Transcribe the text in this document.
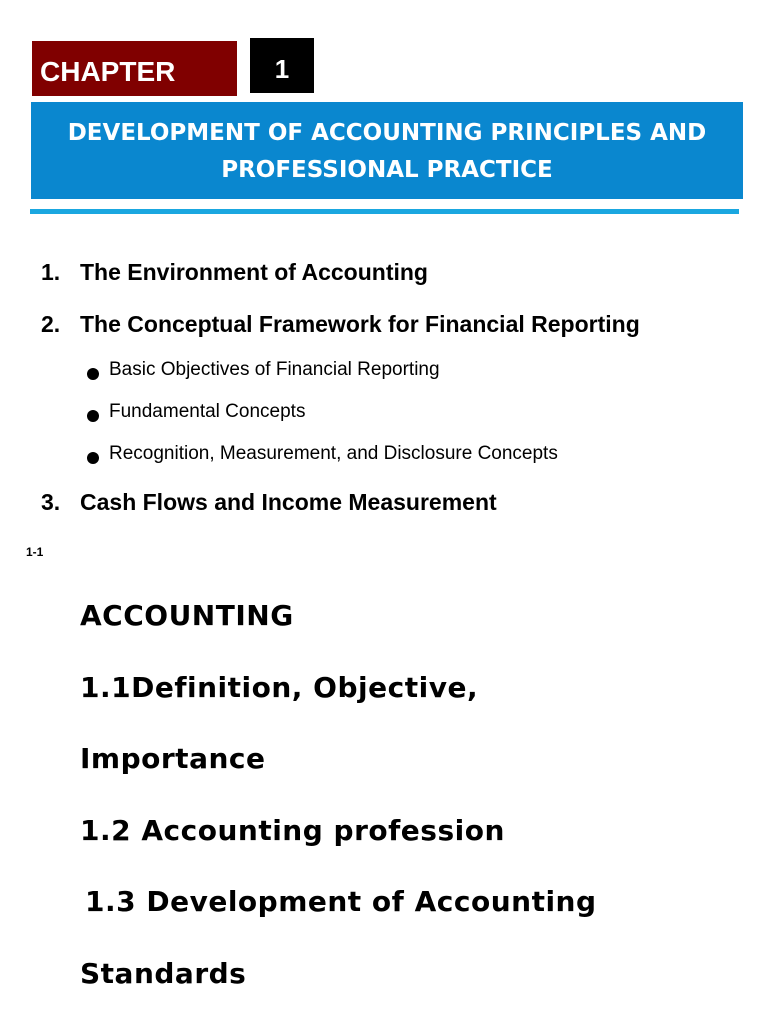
CHAPTER	1
DEVELOPMENT OF ACCOUNTING PRINCIPLES AND PROFESSIONAL PRACTICE
1. The Environment of Accounting
2. The Conceptual Framework for Financial Reporting
Basic Objectives of Financial Reporting
Fundamental Concepts
Recognition, Measurement, and Disclosure Concepts
3. Cash Flows and Income Measurement
1-1
ACCOUNTING
1.1Definition, Objective,
Importance
1.2 Accounting profession
1.3 Development of Accounting
Standards
